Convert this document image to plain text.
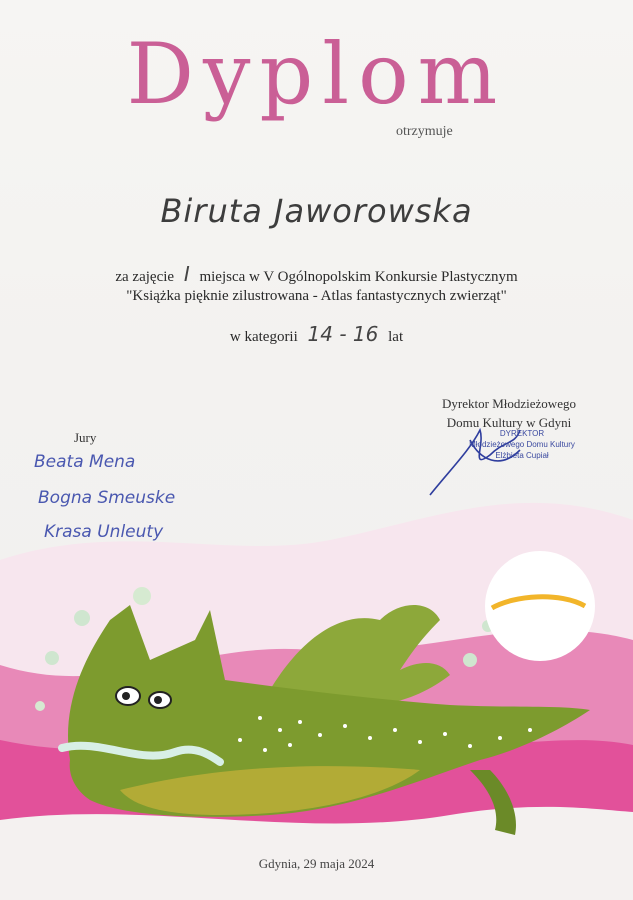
Dyplom
otrzymuje
Biruta Jaworowska
za zajęcie I miejsca w V Ogólnopolskim Konkursie Plastycznym
"Książka pięknie zilustrowana - Atlas fantastycznych zwierząt"
w kategorii 14 - 16 lat
Dyrektor Młodzieżowego
Domu Kultury w Gdyni
DYREKTOR
Młodzieżowego Domu Kultury
Elżbieta Cupiał
Jury
Beata Mena
Bogna Smeuske
Krasa Unleuty
Gdynia, 29 maja 2024
